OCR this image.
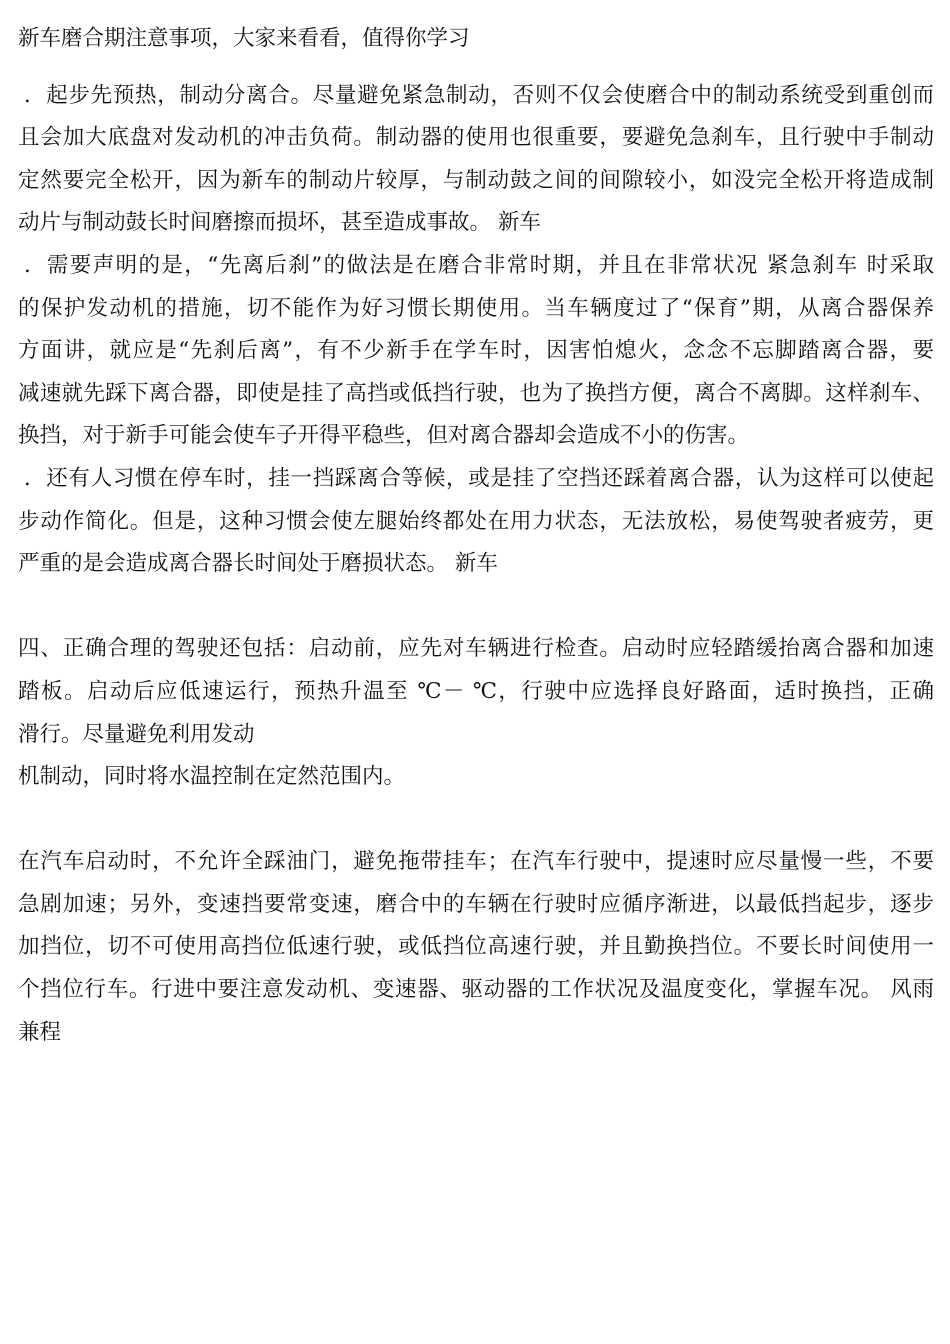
新车磨合期注意事项，大家来看看，值得你学习

．起步先预热，制动分离合。尽量避免紧急制动，否则不仅会使磨合中的制动系统受到重创而

且会加大底盘对发动机的冲击负荷。制动器的使用也很重要，要避免急刹车，且行驶中手制动

定然要完全松开，因为新车的制动片较厚，与制动鼓之间的间隙较小，如没完全松开将造成制

动片与制动鼓长时间磨擦而损坏，甚至造成事故。 新车

．需要声明的是，“先离后刹”的做法是在磨合非常时期，并且在非常状况 紧急刹车 时采取

的保护发动机的措施，切不能作为好习惯长期使用。当车辆度过了“保育”期，从离合器保养

方面讲，就应是“先刹后离”，有不少新手在学车时，因害怕熄火，念念不忘脚踏离合器，要

减速就先踩下离合器，即使是挂了高挡或低挡行驶，也为了换挡方便，离合不离脚。这样刹车、

换挡，对于新手可能会使车子开得平稳些，但对离合器却会造成不小的伤害。

．还有人习惯在停车时，挂一挡踩离合等候，或是挂了空挡还踩着离合器，认为这样可以使起

步动作简化。但是，这种习惯会使左腿始终都处在用力状态，无法放松，易使驾驶者疲劳，更

严重的是会造成离合器长时间处于磨损状态。 新车

四、正确合理的驾驶还包括：启动前，应先对车辆进行检查。启动时应轻踏缓抬离合器和加速

踏板。启动后应低速运行，预热升温至 ℃－ ℃，行驶中应选择良好路面，适时换挡，正确

滑行。尽量避免利用发动

机制动，同时将水温控制在定然范围内。

在汽车启动时，不允许全踩油门，避免拖带挂车；在汽车行驶中，提速时应尽量慢一些，不要

急剧加速；另外，变速挡要常变速，磨合中的车辆在行驶时应循序渐进，以最低挡起步，逐步

加挡位，切不可使用高挡位低速行驶，或低挡位高速行驶，并且勤换挡位。不要长时间使用一

个挡位行车。行进中要注意发动机、变速器、驱动器的工作状况及温度变化，掌握车况。 风雨

兼程
